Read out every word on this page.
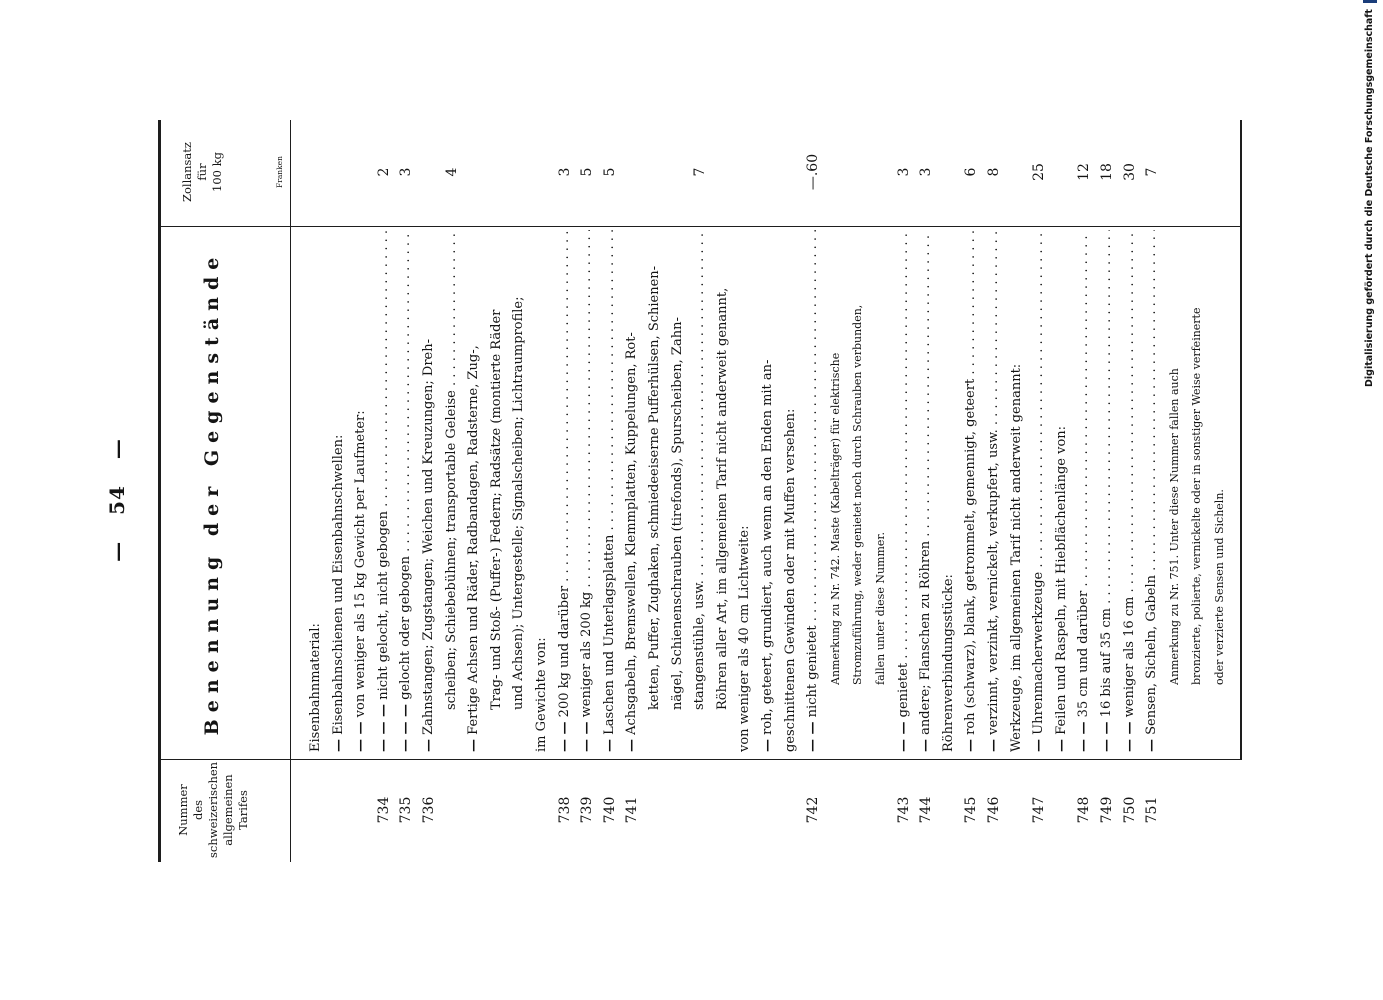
— 54 —
Nummer des schweizerischen allgemeinen Tarifes
Benennung der Gegenstände
Zollansatz für 100 kg	Franken
Eisenbahnmaterial: — Eisenbahnschienen und Eisenbahnschwellen:
— — von weniger als 15 kg Gewicht per Laufmeter:
734
— — — nicht gelocht, nicht gebogen . . .
2
735
— — — gelocht oder gebogen . . .
3
736
— Zahnstangen; Zugstangen; Weichen und Kreuzungen; Dreh- scheiben; Schiebebühnen; transportable Geleise . . .
4
— Fertige Achsen und Räder, Radbandagen, Radsterne, Zug-, Trag- und Stoß- (Puffer-) Federn; Radsätze (montierte Räder und Achsen); Untergestelle; Signalscheiben; Lichtraumprofile; im Gewichte von:
738
— — 200 kg und darüber . . .
3
739
— — weniger als 200 kg . . .
5
740
— Laschen und Unterlagsplatten . . .
5
741
— Achsgabeln, Bremswellen, Klemmplatten, Kuppelungen, Rot- ketten, Puffer, Zughaken, schmiedeeiserne Pufferhülsen, Schienen- nägel, Schienenschrauben (tirefonds), Spurscheiben, Zahn- stangenstühle, usw. . . .
7
Röhren aller Art, im allgemeinen Tarif nicht anderweit genannt, von weniger als 40 cm Lichtweite: — roh, geteert, grundiert, auch wenn an den Enden mit an- geschnittenen Gewinden oder mit Muffen versehen:
742
— — nicht genietet . . .
—.60
Anmerkung zu Nr. 742. Maste (Kabelträger) für elektrische Stromzuführung, weder genietet noch durch Schrauben verbunden, fallen unter diese Nummer.
743
— — genietet . . .
3
744
— andere; Flanschen zu Röhren . . .
3
Röhrenverbindungsstücke:
745
— roh (schwarz), blank, getrommelt, gemennigt, geteert . . .
6
746
— verzinnt, verzinkt, vernickelt, verkupfert, usw. . . .
8
Werkzeuge, im allgemeinen Tarif nicht anderweit genannt:
747
— Uhrenmacherwerkzeuge . . .
25
— Feilen und Raspeln, mit Hiebflächenlänge von:
748
— — 35 cm und darüber . . .
12
749
— — 16 bis auf 35 cm . . .
18
750
— — weniger als 16 cm . . .
30
751
— Sensen, Sicheln, Gabeln . . .
7
Anmerkung zu Nr. 751. Unter diese Nummer fallen auch bronzierte, polierte, vernickelte oder in sonstiger Weise verfeinerte oder verzierte Sensen und Sicheln.
Digitalisierung gefördert durch die Deutsche Forschungsgemeinschaft
